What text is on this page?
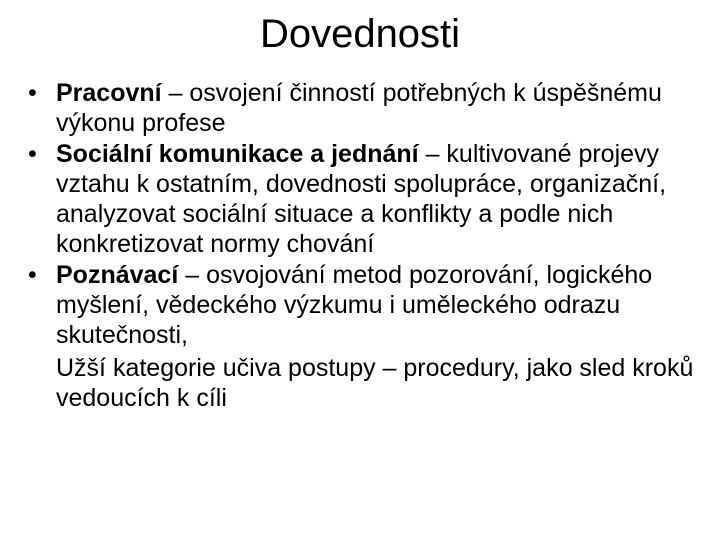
Dovednosti
• Pracovní – osvojení činností potřebných k úspěšnému výkonu profese
• Sociální komunikace a jednání – kultivované projevy vztahu k ostatním, dovednosti spolupráce, organizační, analyzovat sociální situace a konflikty a podle nich konkretizovat normy chování
• Poznávací – osvojování metod pozorování, logického myšlení, vědeckého výzkumu i uměleckého odrazu skutečnosti,
Užší kategorie učiva postupy – procedury, jako sled kroků vedoucích k cíli
